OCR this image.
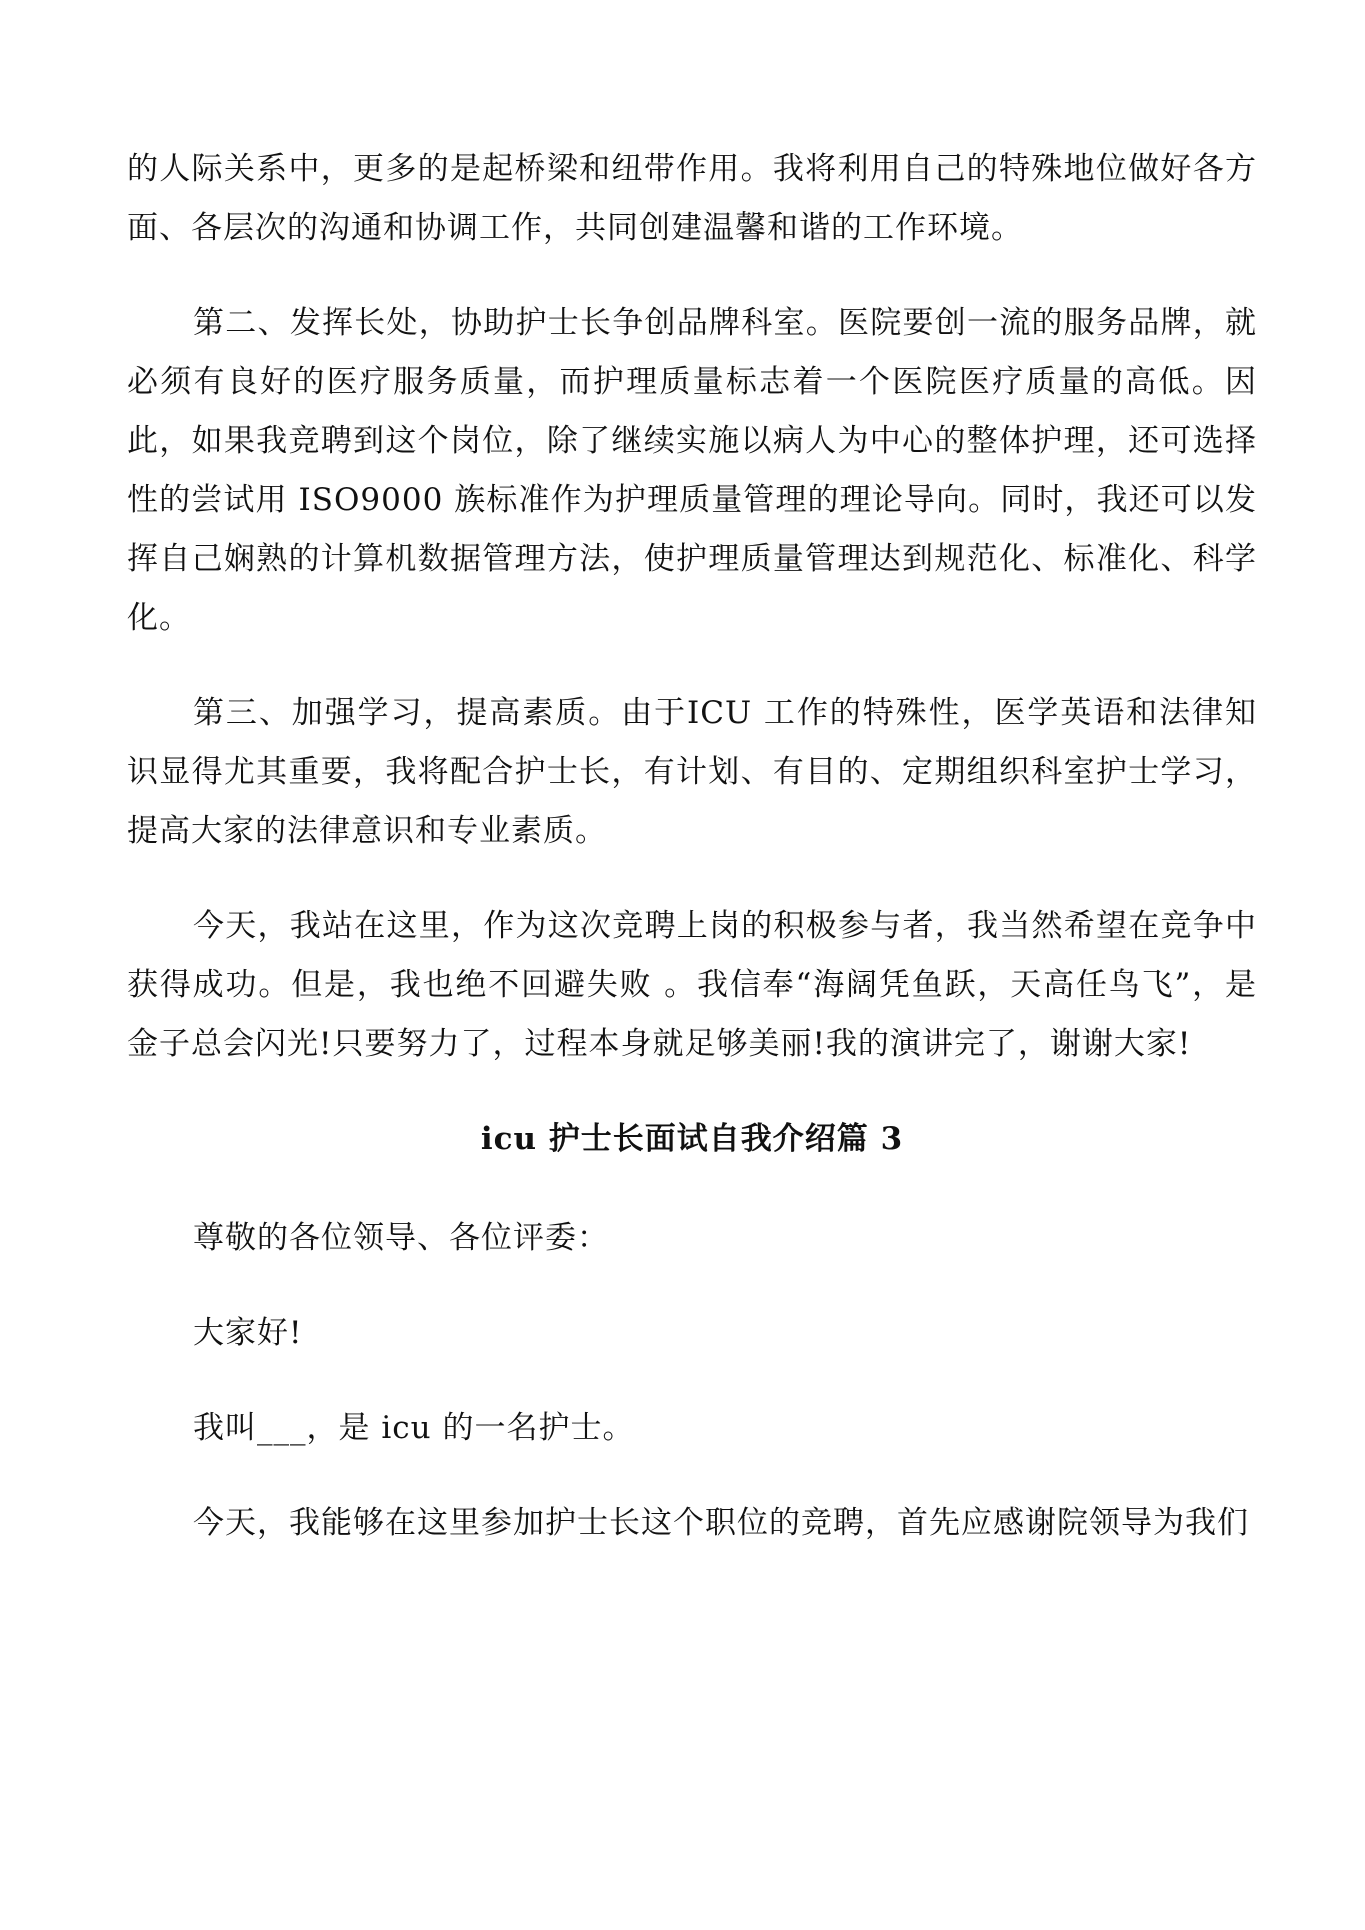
的人际关系中，更多的是起桥梁和纽带作用。我将利用自己的特殊地位做好各方面、各层次的沟通和协调工作，共同创建温馨和谐的工作环境。

第二、发挥长处，协助护士长争创品牌科室。医院要创一流的服务品牌，就必须有良好的医疗服务质量，而护理质量标志着一个医院医疗质量的高低。因此，如果我竞聘到这个岗位，除了继续实施以病人为中心的整体护理，还可选择性的尝试用 ISO9000 族标准作为护理质量管理的理论导向。同时，我还可以发挥自己娴熟的计算机数据管理方法，使护理质量管理达到规范化、标准化、科学化。

第三、加强学习，提高素质。由于ICU 工作的特殊性，医学英语和法律知识显得尤其重要，我将配合护士长，有计划、有目的、定期组织科室护士学习，提高大家的法律意识和专业素质。

今天，我站在这里，作为这次竞聘上岗的积极参与者，我当然希望在竞争中获得成功。但是，我也绝不回避失败 。我信奉“海阔凭鱼跃，天高任鸟飞”，是金子总会闪光!只要努力了，过程本身就足够美丽!我的演讲完了，谢谢大家!

icu 护士长面试自我介绍篇 3

尊敬的各位领导、各位评委：

大家好!

我叫___，是 icu 的一名护士。

今天，我能够在这里参加护士长这个职位的竞聘，首先应感谢院领导为我们
